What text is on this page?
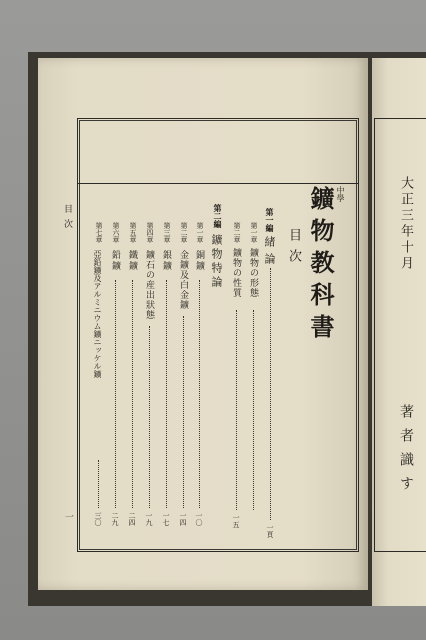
目次
一
中學
鑛物教科書
目次
第一編
緒論
一頁
第一章
鑛物の形態
第二章
鑛物の性質
一五
第二編
鑛物特論
第一章
銅鑛
一〇
第二章
金鑛及白金鑛
一四
第三章
銀鑛
一七
第四章
鑛石の産出狀態
一九
第五章
鐵鑛
二四
第六章
鉛鑛
二九
第七章
亞鉛鑛及アルミニウム鑛ニッケル鑛
三〇
大正三年十月
著者識す
